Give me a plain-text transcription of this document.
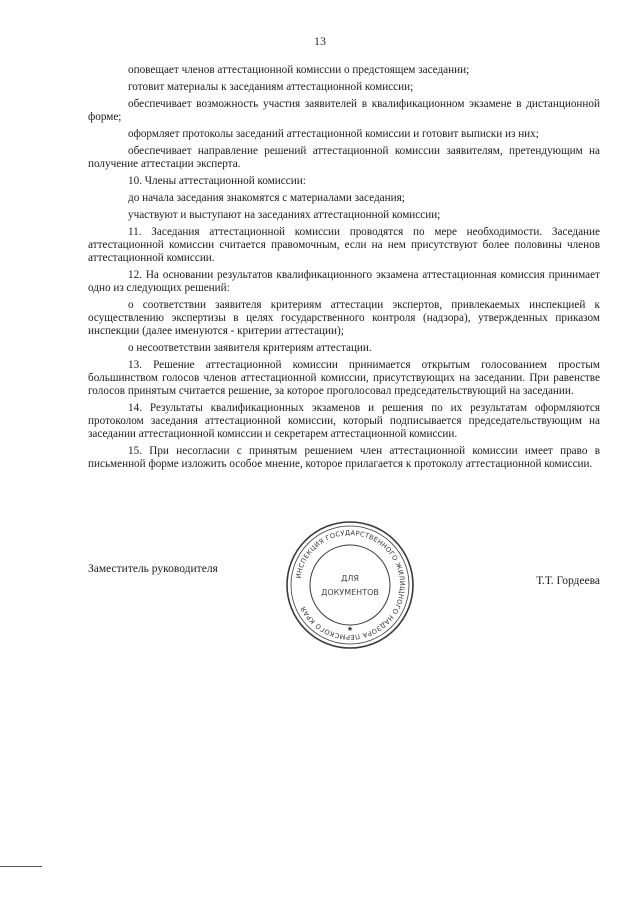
13

оповещает членов аттестационной комиссии о предстоящем заседании;

готовит материалы к заседаниям аттестационной комиссии;

обеспечивает возможность участия заявителей в квалификационном экзамене в дистанционной форме;

оформляет протоколы заседаний аттестационной комиссии и готовит выписки из них;

обеспечивает направление решений аттестационной комиссии заявителям, претендующим на получение аттестации эксперта.

10. Члены аттестационной комиссии:

до начала заседания знакомятся с материалами заседания;

участвуют и выступают на заседаниях аттестационной комиссии;

11. Заседания аттестационной комиссии проводятся по мере необходимости. Заседание аттестационной комиссии считается правомочным, если на нем присутствуют более половины членов аттестационной комиссии.

12. На основании результатов квалификационного экзамена аттестационная комиссия принимает одно из следующих решений:

о соответствии заявителя критериям аттестации экспертов, привлекаемых инспекцией к осуществлению экспертизы в целях государственного контроля (надзора), утвержденных приказом инспекции (далее именуются - критерии аттестации);

о несоответствии заявителя критериям аттестации.

13. Решение аттестационной комиссии принимается открытым голосованием простым большинством голосов членов аттестационной комиссии, присутствующих на заседании. При равенстве голосов принятым считается решение, за которое проголосовал председательствующий на заседании.

14. Результаты квалификационных экзаменов и решения по их результатам оформляются протоколом заседания аттестационной комиссии, который подписывается председательствующим на заседании аттестационной комиссии и секретарем аттестационной комиссии.

15. При несогласии с принятым решением член аттестационной комиссии имеет право в письменной форме изложить особое мнение, которое прилагается к протоколу аттестационной комиссии.

Заместитель руководителя
ИНСПЕКЦИЯ ГОСУДАРСТВЕННОГО ЖИЛИЩНОГО НАДЗОРА ПЕРМСКОГО КРАЯ
ДЛЯ
ДОКУМЕНТОВ
★
Т.Т. Гордеева
